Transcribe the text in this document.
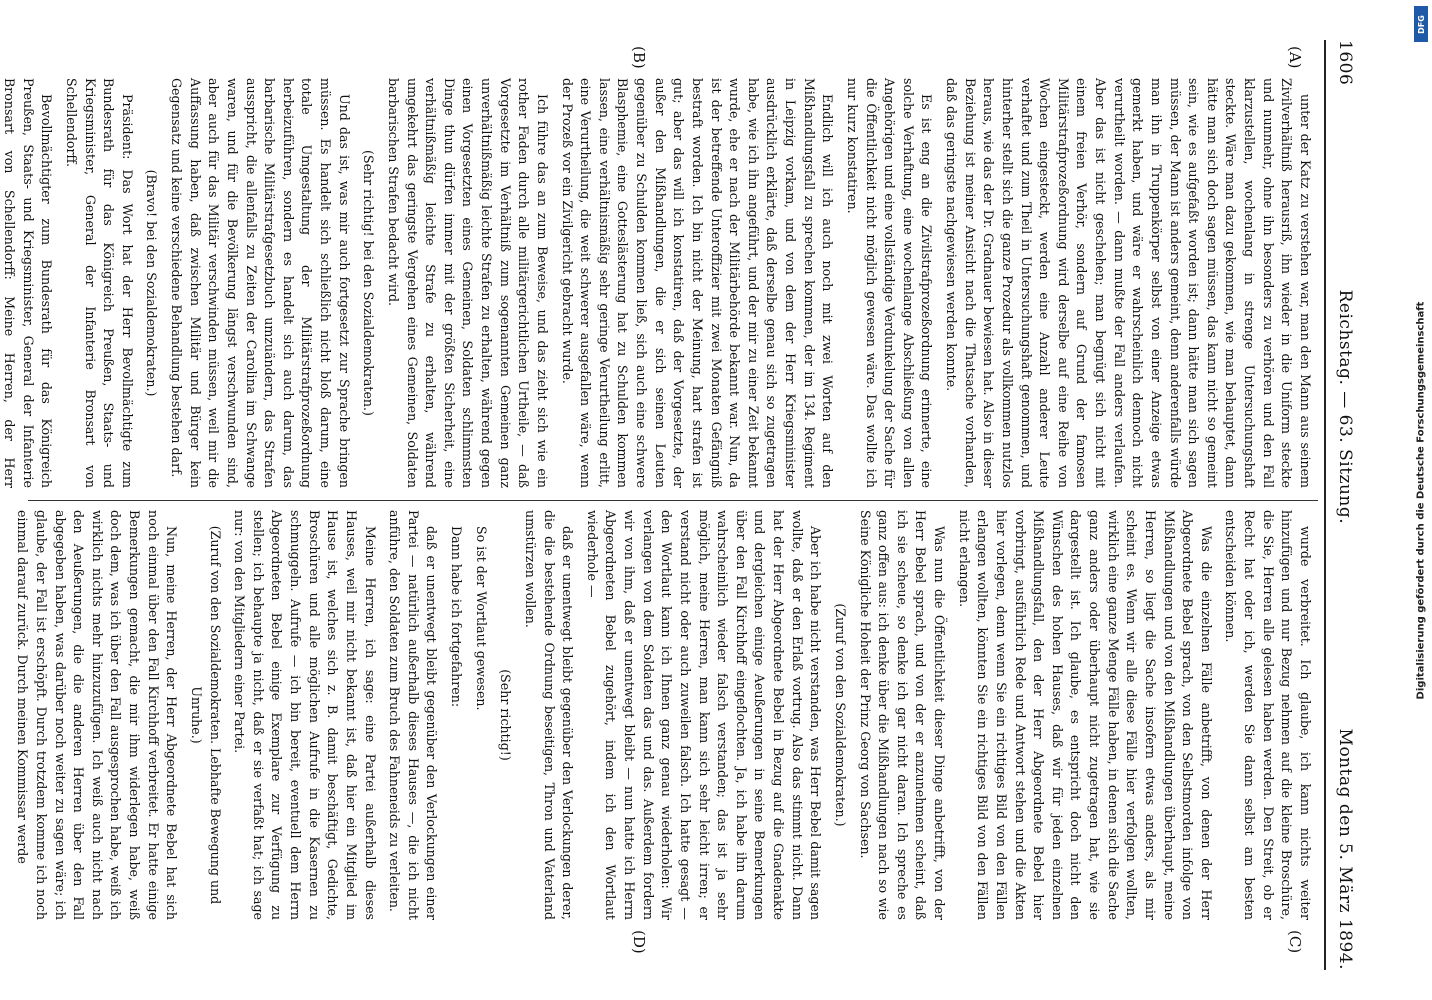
Digitalisierung gefördert durch die Deutsche Forschungsgemeinschaft
DFG
1606
Reichstag. — 63. Sitzung.
Montag den 5. März 1894.
(A)
(B)
(C)
(D)

unter der Katz zu verstehen war, man den Mann aus seinem Zivilverhältniß herausriß, ihn wieder in die Uniform steckte und nunmehr, ohne ihn besonders zu verhören und den Fall klarzustellen, wochenlang in strenge Untersuchungshaft steckte. Wäre man dazu gekommen, wie man behauptet, dann hätte man sich doch sagen müssen, das kann nicht so gemeint sein, wie es aufgefaßt worden ist; dann hätte man sich sagen müssen, der Mann ist anders gemeint, denn anderenfalls würde man ihn in Truppenkörper selbst von einer Anzeige etwas gemerkt haben, und wäre er wahrscheinlich dennoch nicht verurtheilt worden. — dann mußte der Fall anders verlaufen. Aber das ist nicht geschehen; man begnügt sich nicht mit einem freien Verhör, sondern auf Grund der famosen Militärstrafprozeßordnung wird derselbe auf eine Reihe von Wochen eingesteckt, werden eine Anzahl anderer Leute verhaftet und zum Theil in Untersuchungshaft genommen, und hinterher stellt sich die ganze Prozedur als vollkommen nutzlos heraus, wie das der Dr. Gradnauer bewiesen hat. Also in dieser Beziehung ist meiner Ansicht nach die Thatsache vorhanden, daß das geringste nachgewiesen werden konnte.

Es ist eng an die Zivilstrafprozeßordnung erinnerte, eine solche Verhaftung, eine wochenlange Abschließung von allen Angehörigen und eine vollständige Verdunkelung der Sache für die Öffentlichkeit nicht möglich gewesen wäre. Das wollte ich nur kurz konstatiren.

Endlich will ich auch noch mit zwei Worten auf den Mißhandlungsfall zu sprechen kommen, der im 134. Regiment in Leipzig vorkam, und von dem der Herr Kriegsminister ausdrücklich erklärte, daß derselbe genau sich so zugetragen habe, wie ich ihn angeführt, und der mir zu einer Zeit bekannt wurde, ehe er nach der Militärbehörde bekannt war. Nun, da ist der betreffende Unteroffizier mit zwei Monaten Gefängniß bestraft worden. Ich bin nicht der Meinung, hart strafen ist gut; aber das will ich konstatiren, daß der Vorgesetzte, der außer den Mißhandlungen, die er sich seinen Leuten gegenüber zu Schulden kommen ließ, sich auch eine schwere Blasphemie, eine Gotteslästerung hat zu Schulden kommen lassen, eine verhältnismäßig sehr geringe Verurtheilung erlitt, eine Verurtheilung, die weit schwerer ausgefallen wäre, wenn der Prozeß vor ein Zivilgericht gebracht wurde.

Ich führe das an zum Beweise, und das zieht sich wie ein rother Faden durch alle militärgerichtlichen Urtheile, — daß Vorgesetzte im Verhältniß zum sogenannten Gemeinen ganz unverhältnißmäßig leichte Strafen zu erhalten, während gegen einen Vorgesetzten eines Gemeinen, Soldaten schlimmsten Dinge thun dürfen immer mit der größten Sicherheit, eine verhältnißmäßig leichte Strafe zu erhalten, während umgekehrt das geringste Vergehen eines Gemeinen, Soldaten barbarischen Strafen bedacht wird.

(Sehr richtig! bei den Sozialdemokraten.)

Und das ist, was mir auch fortgesetzt zur Sprache bringen müssen. Es handelt sich schließlich nicht bloß darum, eine totale Umgestaltung der Militärstrafprozeßordnung herbeizuführen, sondern es handelt sich auch darum, das barbarische Militärstrafgesetzbuch umzuändern, das Strafen ausspricht, die allenfalls zu Zeiten der Carolina im Schwange waren, und für die Bevölkerung längst verschwunden sind, aber auch für das Militär verschwinden müssen, weil mir die Auffassung haben, daß zwischen Militär und Bürger kein Gegensatz und keine verschiedene Behandlung bestehen darf.

(Bravo! bei den Sozialdemokraten.)

Präsident: Das Wort hat der Herr Bevollmächtigte zum Bundesrath für das Königreich Preußen, Staats- und Kriegsminister, General der Infanterie Bronsart von Schellendorff.

Bevollmächtigter zum Bundesrath für das Königreich Preußen, Staats- und Kriegsminister, General der Infanterie Bronsart von Schellendorff: Meine Herren, der Herr

wurde verbreitet. Ich glaube, ich kann nichts weiter hinzufügen und nur Bezug nehmen auf die kleine Broschüre, die Sie, Herren alle gelesen haben werden. Den Streit, ob er Recht hat oder ich, werden Sie dann selbst am besten entscheiden können.

Was die einzelnen Fälle anbetrifft, von denen der Herr Abgeordnete Bebel sprach, von den Selbstmorden infolge von Mißhandlungen und von den Mißhandlungen überhaupt, meine Herren, so liegt die Sache insofern etwas anders, als mir scheint es. Wenn wir alle diese Fälle hier verfolgen wollten, wirklich eine ganze Menge Fälle haben, in denen sich die Sache ganz anders oder überhaupt nicht zugetragen hat, wie sie dargestellt ist. Ich glaube, es entspricht doch nicht den Wünschen des hohen Hauses, daß wir für jeden einzelnen Mißhandlungsfall, den der Herr Abgeordnete Bebel hier vorbringt, ausführlich Rede und Antwort stehen und die Akten hier vorlegen, denn wenn Sie ein richtiges Bild von den Fällen erlangen wollten, könnten Sie ein richtiges Bild von den Fällen nicht erlangen.

Was nun die Öffentlichkeit dieser Dinge anbetrifft, von der Herr Bebel sprach, und von der er anzunehmen scheint, daß ich sie scheue, so denke ich gar nicht daran. Ich spreche es ganz offen aus: ich denke über die Mißhandlungen nach so wie Seine Königliche Hoheit der Prinz Georg von Sachsen.

(Zuruf von den Sozialdemokraten.)

Aber ich habe nicht verstanden, was Herr Bebel damit sagen wollte, daß er den Erlaß vortrug. Also das stimmt nicht. Dann hat der Herr Abgeordnete Bebel in Bezug auf die Gnadenakte und dergleichen einige Aeußerungen in seine Bemerkungen über den Fall Kirchhoff eingeflochten. Ja, ich habe ihn darum wahrscheinlich wieder falsch verstanden; das ist ja sehr möglich, meine Herren, man kann sich sehr leicht irren; er verstand nicht oder auch zuweilen falsch. Ich hatte gesagt — den Wortlaut kann ich Ihnen ganz genau wiederholen: Wir verlangen von dem Soldaten das und das. Außerdem fordern wir von ihm, daß er unentwegt bleibt — nun hatte ich Herrn Abgeordneten Bebel zugehört, indem ich den Wortlaut wiederhole —

daß er unentwegt bleibt gegenüber den Verlockungen derer, die die bestehende Ordnung beseitigen, Thron und Vaterland umstürzen wollen.

(Sehr richtig!)

So ist der Wortlaut gewesen.

Dann habe ich fortgefahren:

daß er unentwegt bleibt gegenüber den Verlockungen einer Partei — natürlich außerhalb dieses Hauses —, die ich nicht anführe, den Soldaten zum Bruch des Fahneneids zu verleiten.

Meine Herren, ich sage: eine Partei außerhalb dieses Hauses, weil mir nicht bekannt ist, daß hier ein Mitglied im Hause ist, welches sich z. B. damit beschäftigt, Gedichte, Broschüren und alle möglichen Aufrufe in die Kasernen zu schmuggeln. Aufrufe — ich bin bereit, eventuell dem Herrn Abgeordneten Bebel einige Exemplare zur Verfügung zu stellen; ich behaupte ja nicht, daß er sie verfaßt hat; ich sage nur: von den Mitgliedern einer Partei.

(Zuruf von den Sozialdemokraten. Lebhafte Bewegung und Unruhe.)

Nun, meine Herren, der Herr Abgeordnete Bebel hat sich noch einmal über den Fall Kirchhoff verbreitet. Er hatte einige Bemerkungen gemacht, die mir ihm widerlegen habe, weiß doch dem, was ich über den Fall ausgesprochen habe, weiß ich wirklich nichts mehr hinzuzufügen. Ich weiß auch nicht nach den Aeußerungen, die die anderen Herren über den Fall abgegeben haben, was darüber noch weiter zu sagen wäre; ich glaube, der Fall ist erschöpft. Durch trotzdem komme ich noch einmal darauf zurück. Durch meinen Kommissar werde
